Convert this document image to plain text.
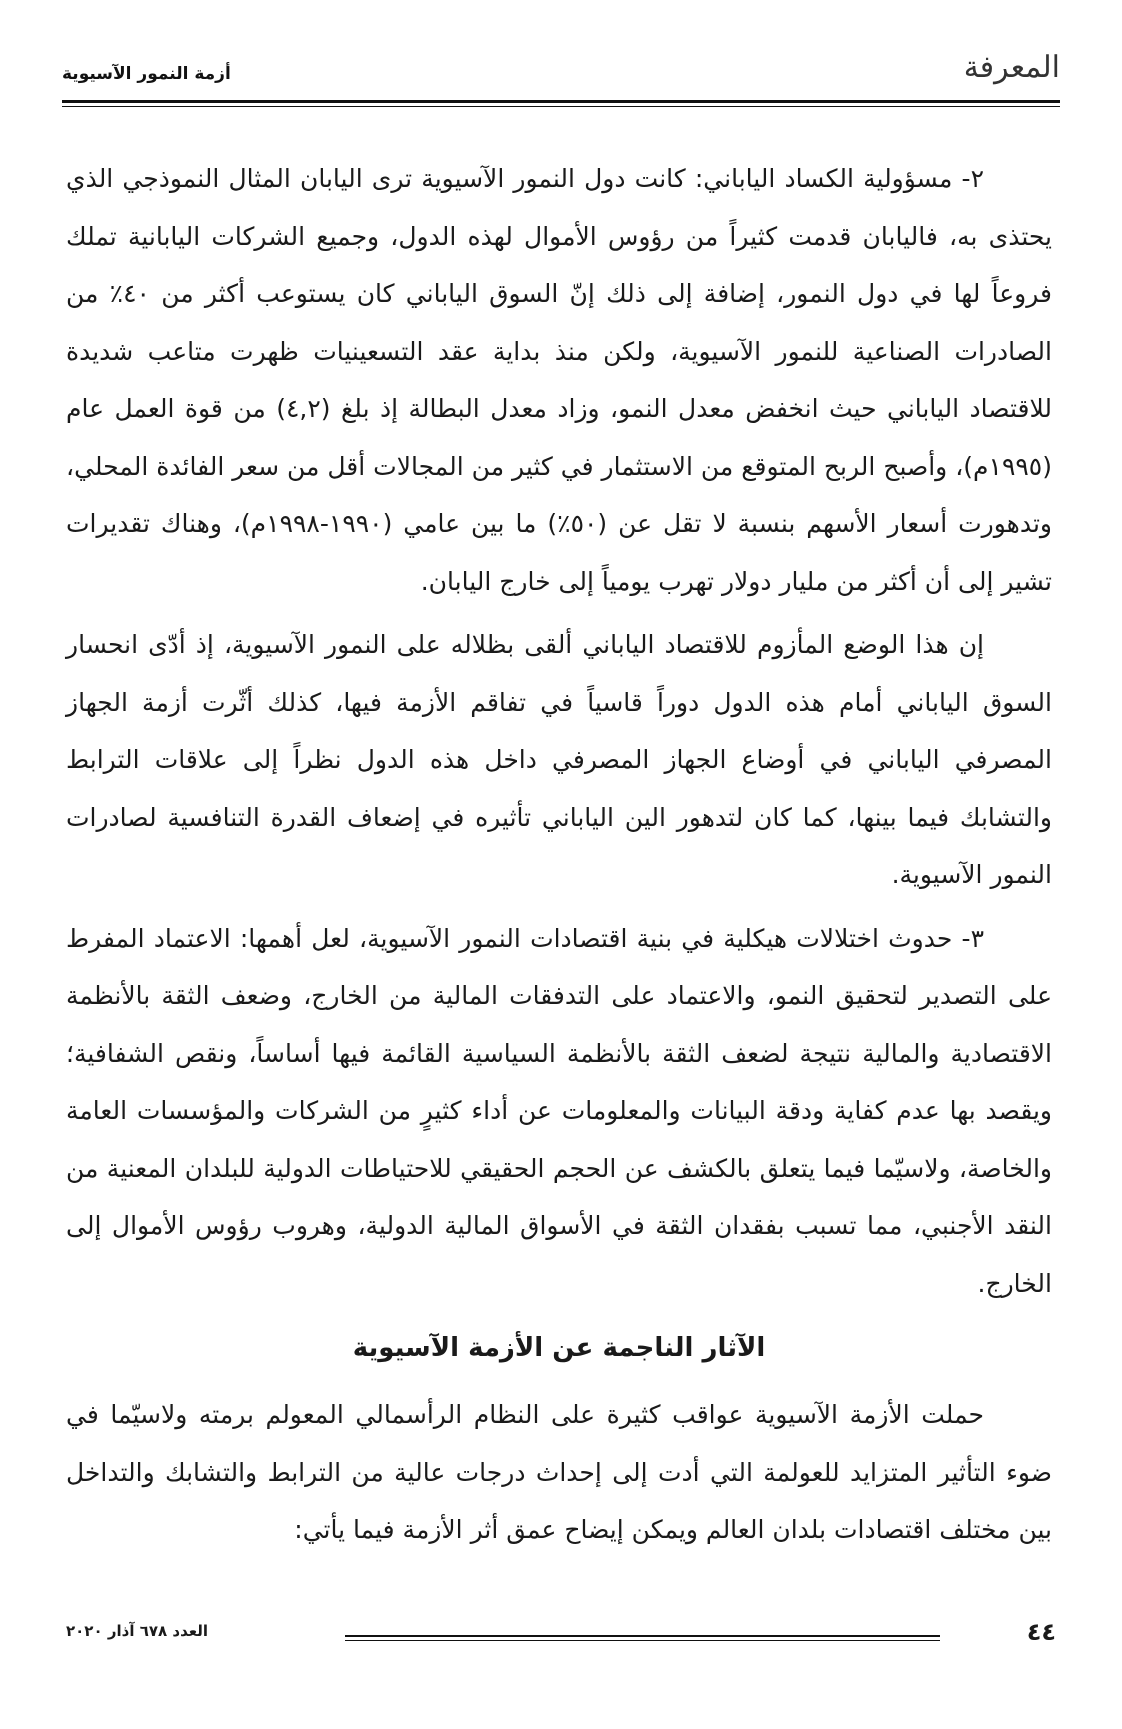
المعرفة
أزمة النمور الآسيوية

٢- مسؤولية الكساد الياباني: كانت دول النمور الآسيوية ترى اليابان المثال النموذجي الذي يحتذى به، فاليابان قدمت كثيراً من رؤوس الأموال لهذه الدول، وجميع الشركات اليابانية تملك فروعاً لها في دول النمور، إضافة إلى ذلك إنّ السوق الياباني كان يستوعب أكثر من ٤٠٪ من الصادرات الصناعية للنمور الآسيوية، ولكن منذ بداية عقد التسعينيات ظهرت متاعب شديدة للاقتصاد الياباني حيث انخفض معدل النمو، وزاد معدل البطالة إذ بلغ (٤,٢) من قوة العمل عام (١٩٩٥م)، وأصبح الربح المتوقع من الاستثمار في كثير من المجالات أقل من سعر الفائدة المحلي، وتدهورت أسعار الأسهم بنسبة لا تقل عن (٥٠٪) ما بين عامي (١٩٩٠-١٩٩٨م)، وهناك تقديرات تشير إلى أن أكثر من مليار دولار تهرب يومياً إلى خارج اليابان.

إن هذا الوضع المأزوم للاقتصاد الياباني ألقى بظلاله على النمور الآسيوية، إذ أدّى انحسار السوق الياباني أمام هذه الدول دوراً قاسياً في تفاقم الأزمة فيها، كذلك أثّرت أزمة الجهاز المصرفي الياباني في أوضاع الجهاز المصرفي داخل هذه الدول نظراً إلى علاقات الترابط والتشابك فيما بينها، كما كان لتدهور الين الياباني تأثيره في إضعاف القدرة التنافسية لصادرات النمور الآسيوية.

٣- حدوث اختلالات هيكلية في بنية اقتصادات النمور الآسيوية، لعل أهمها: الاعتماد المفرط على التصدير لتحقيق النمو، والاعتماد على التدفقات المالية من الخارج، وضعف الثقة بالأنظمة الاقتصادية والمالية نتيجة لضعف الثقة بالأنظمة السياسية القائمة فيها أساساً، ونقص الشفافية؛ ويقصد بها عدم كفاية ودقة البيانات والمعلومات عن أداء كثيرٍ من الشركات والمؤسسات العامة والخاصة، ولاسيّما فيما يتعلق بالكشف عن الحجم الحقيقي للاحتياطات الدولية للبلدان المعنية من النقد الأجنبي، مما تسبب بفقدان الثقة في الأسواق المالية الدولية، وهروب رؤوس الأموال إلى الخارج.

الآثار الناجمة عن الأزمة الآسيوية

حملت الأزمة الآسيوية عواقب كثيرة على النظام الرأسمالي المعولم برمته ولاسيّما في ضوء التأثير المتزايد للعولمة التي أدت إلى إحداث درجات عالية من الترابط والتشابك والتداخل بين مختلف اقتصادات بلدان العالم ويمكن إيضاح عمق أثر الأزمة فيما يأتي:

٤٤
العدد ٦٧٨ آذار ٢٠٢٠
